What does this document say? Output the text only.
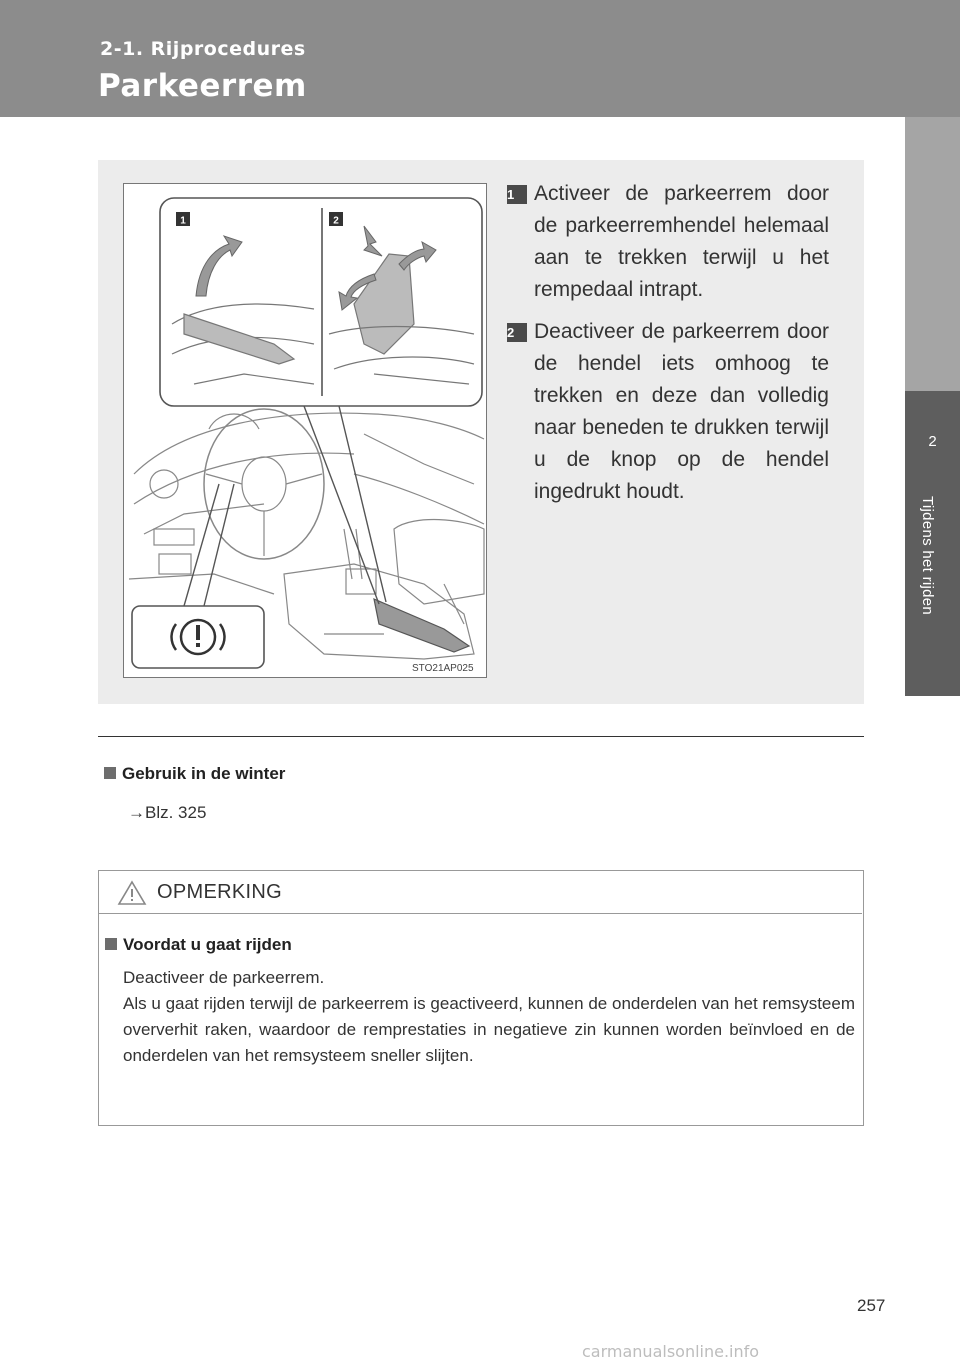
2-1. Rijprocedures
Parkeerrem
2
Tijdens het rijden
1	2
STO21AP025
1 Activeer de parkeerrem door de parkeerremhendel helemaal aan te trekken terwijl u het rempedaal intrapt.
2 Deactiveer de parkeerrem door de hendel iets omhoog te trekken en deze dan volledig naar beneden te drukken terwijl u de knop op de hendel ingedrukt houdt.
Gebruik in de winter
→Blz. 325
OPMERKING
Voordat u gaat rijden

Deactiveer de parkeerrem.

Als u gaat rijden terwijl de parkeerrem is geactiveerd, kunnen de onderdelen van het remsysteem oververhit raken, waardoor de remprestaties in negatieve zin kunnen worden beïnvloed en de onderdelen van het remsysteem sneller slijten.

257
carmanualsonline.info
